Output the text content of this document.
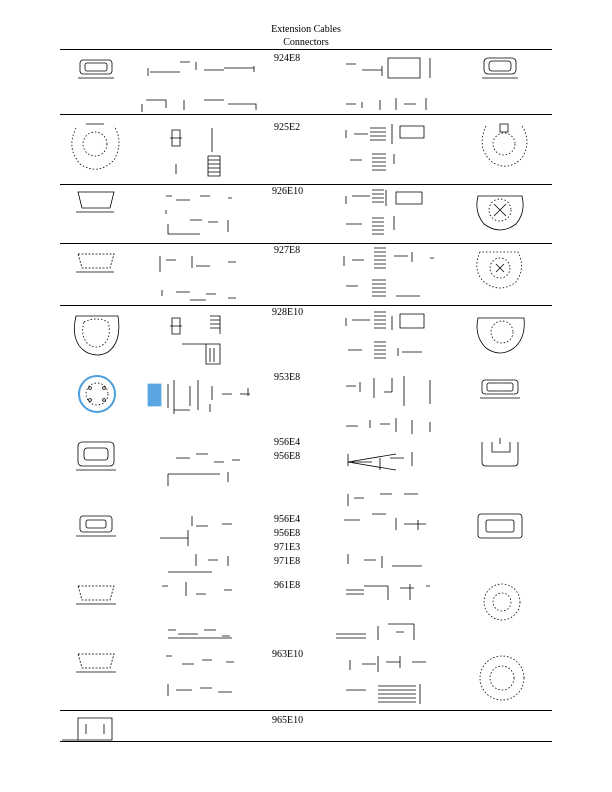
Extension Cables
Connectors
924E8
925E2
926E10
927E8
928E10
953E8
956E4
956E8
956E4
956E8
971E3
971E8
961E8
963E10
965E10
